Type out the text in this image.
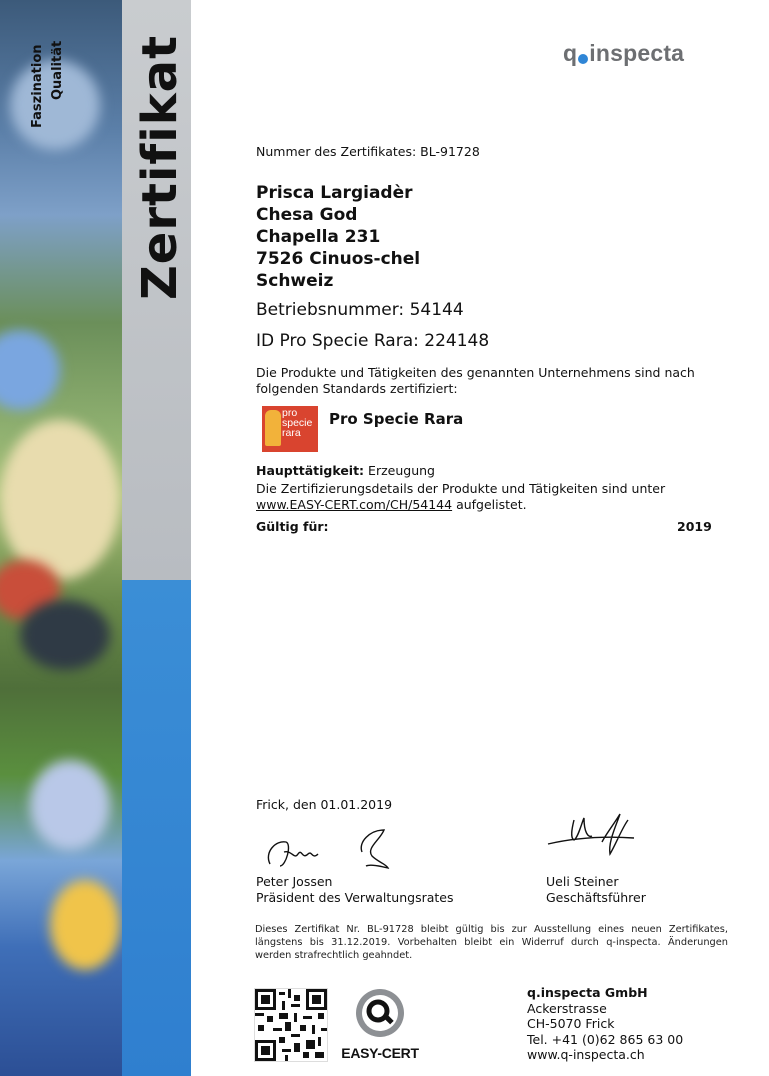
Zertifikat
Faszination Qualität	q inspecta
Nummer des Zertifikates: BL-91728
Prisca Largiadèr
Chesa God
Chapella 231
7526 Cinuos-chel
Schweiz
Betriebsnummer: 54144
ID Pro Specie Rara: 224148
Die Produkte und Tätigkeiten des genannten Unternehmens sind nach
folgenden Standards zertifiziert:
pro
specie
rara
Pro Specie Rara
Haupttätigkeit: Erzeugung
Die Zertifizierungsdetails der Produkte und Tätigkeiten sind unter
www.EASY-CERT.com/CH/54144 aufgelistet.
Gültig für:	2019
Frick, den 01.01.2019
Peter Jossen
Präsident des Verwaltungsrates
Ueli Steiner
Geschäftsführer
Dieses Zertifikat Nr. BL-91728 bleibt gültig bis zur Ausstellung eines neuen Zertifikates, längstens bis 31.12.2019. Vorbehalten bleibt ein Widerruf durch q-inspecta. Änderungen werden strafrechtlich geahndet.
EASY-CERT
q.inspecta GmbH
Ackerstrasse
CH-5070 Frick
Tel. +41 (0)62 865 63 00
www.q-inspecta.ch
